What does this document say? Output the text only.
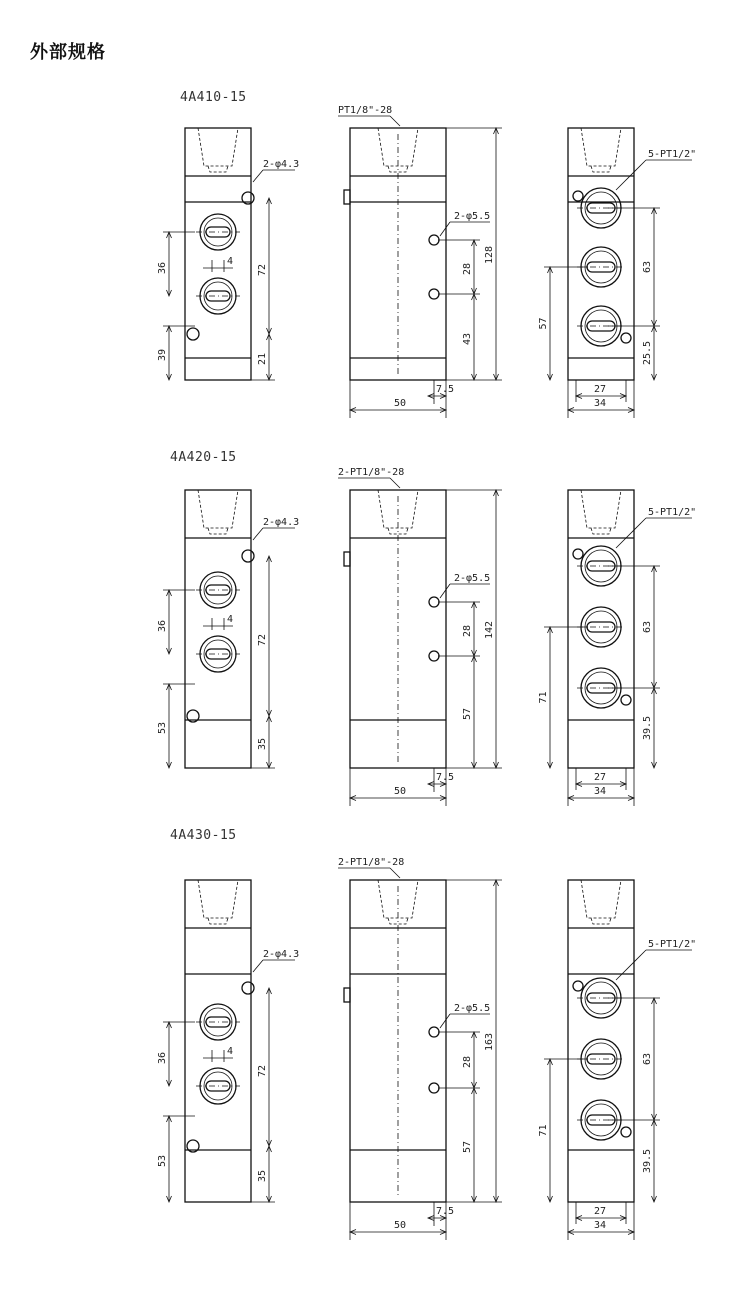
外部规格
4A410-15
4A420-15
4A430-15
2-φ4.3
36
39
72
21
4
PT1/8"-28
2-φ5.5
28
43
128
7.5
50
5-PT1/2"
63
25.5
57
27
34
2-φ4.3
36
53
72
35
4
2-PT1/8"-28
2-φ5.5
28
57
142
7.5
50
5-PT1/2"
63
39.5
71
27
34
2-φ4.3
36
53
72
35
4
2-PT1/8"-28
2-φ5.5
28
57
163
7.5
50
5-PT1/2"
63
39.5
71
27
34
